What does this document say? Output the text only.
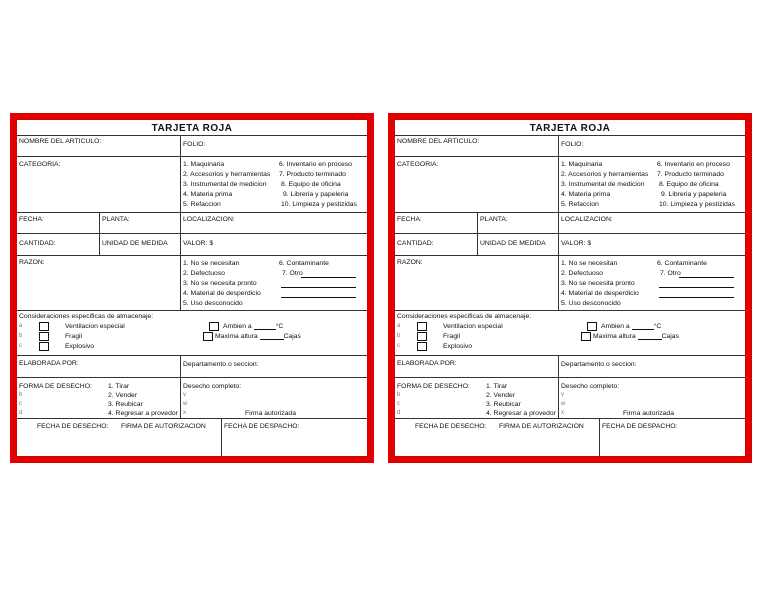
TARJETA ROJA
NOMBRE DEL ARTICULO:	FOLIO:
CATEGORIA:	1. Maquinaria
2. Accesorios y herramientas
3. Instrumental de medicion
4. Materia prima
5. Refaccion
6. Inventario en proceso
7. Producto terminado
8. Equipo de oficina
9. Libreria y papeleria
10. Limpieza y pestizidas
FECHA:	PLANTA:	LOCALIZACION:
CANTIDAD:	UNIDAD DE MEDIDA VALOR: $
RAZON:	1. No se necesitan
2. Defectuoso
3. No se necesita pronto
4. Material de desperdicio
5. Uso desconocido
6. Contaminante
7. Otro
Consideraciones especificas de almacenaje:
a	Ventilacion especial
b	Fragil
c	Explosivo
Ambien a	°C
Maxima altura	Cajas
ELABORADA POR:	Departamento o seccion:
FORMA DE DESECHO:
b
c
d
1. Tirar
2. Vender
3. Reubicar
4. Regresar a provedor
Desecho completo:
v
w
x	Firma autorizada
FECHA DE DESECHO: FIRMA DE AUTORIZACION	FECHA DE DESPACHO:
TARJETA ROJA
NOMBRE DEL ARTICULO:	FOLIO:
CATEGORIA:	1. Maquinaria
2. Accesorios y herramientas
3. Instrumental de medicion
4. Materia prima
5. Refaccion
6. Inventario en proceso
7. Producto terminado
8. Equipo de oficina
9. Libreria y papeleria
10. Limpieza y pestizidas
FECHA:	PLANTA:	LOCALIZACION:
CANTIDAD:	UNIDAD DE MEDIDA VALOR: $
RAZON:	1. No se necesitan
2. Defectuoso
3. No se necesita pronto
4. Material de desperdicio
5. Uso desconocido
6. Contaminante
7. Otro
Consideraciones especificas de almacenaje:
a	Ventilacion especial
b	Fragil
c	Explosivo
Ambien a	°C
Maxima altura	Cajas
ELABORADA POR:	Departamento o seccion:
FORMA DE DESECHO:
b
c
d
1. Tirar
2. Vender
3. Reubicar
4. Regresar a provedor
Desecho completo:
v
w
x	Firma autorizada
FECHA DE DESECHO: FIRMA DE AUTORIZACION	FECHA DE DESPACHO:
